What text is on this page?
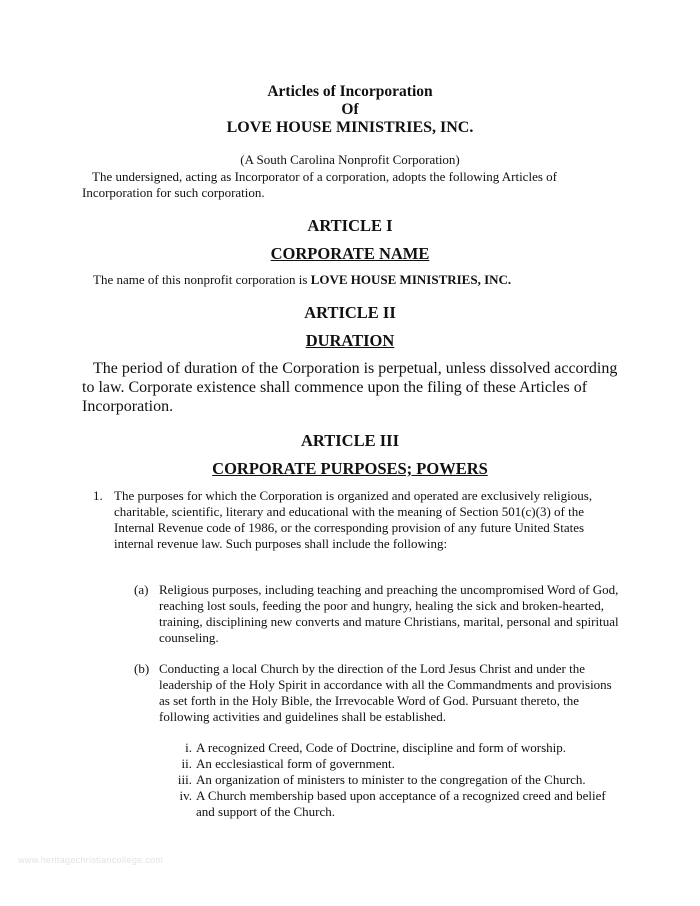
Articles of Incorporation
Of
LOVE HOUSE MINISTRIES, INC.
(A South Carolina Nonprofit Corporation)
The undersigned, acting as Incorporator of a corporation, adopts the following Articles of Incorporation for such corporation.
ARTICLE I
CORPORATE NAME
The name of this nonprofit corporation is LOVE HOUSE MINISTRIES, INC.
ARTICLE II
DURATION
The period of duration of the Corporation is perpetual, unless dissolved according to law. Corporate existence shall commence upon the filing of these Articles of Incorporation.
ARTICLE III
CORPORATE PURPOSES; POWERS
1. The purposes for which the Corporation is organized and operated are exclusively religious, charitable, scientific, literary and educational with the meaning of Section 501(c)(3) of the Internal Revenue code of 1986, or the corresponding provision of any future United States internal revenue law. Such purposes shall include the following:
(a) Religious purposes, including teaching and preaching the uncompromised Word of God, reaching lost souls, feeding the poor and hungry, healing the sick and broken-hearted, training, disciplining new converts and mature Christians, marital, personal and spiritual counseling.
(b) Conducting a local Church by the direction of the Lord Jesus Christ and under the leadership of the Holy Spirit in accordance with all the Commandments and provisions as set forth in the Holy Bible, the Irrevocable Word of God. Pursuant thereto, the following activities and guidelines shall be established.
i. A recognized Creed, Code of Doctrine, discipline and form of worship.
ii. An ecclesiastical form of government.
iii. An organization of ministers to minister to the congregation of the Church.
iv. A Church membership based upon acceptance of a recognized creed and belief and support of the Church.
www.heritagechristiancollege.com
